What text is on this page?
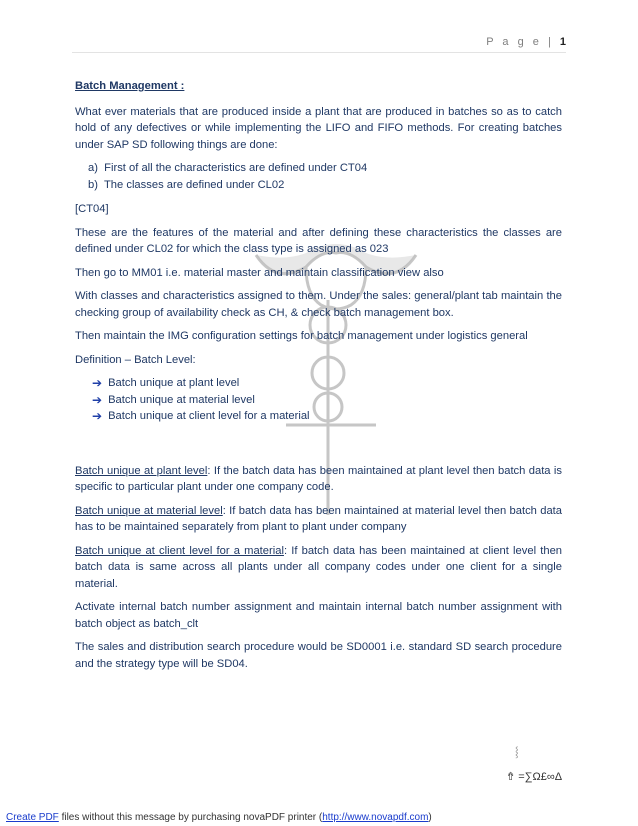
P a g e | 1
Batch Management :

What ever materials that are produced inside a plant that are produced in batches so as to catch hold of any defectives or while implementing the LIFO and FIFO methods. For creating batches under SAP SD following things are done:

a) First of all the characteristics are defined under CT04
b) The classes are defined under CL02

[CT04]

These are the features of the material and after defining these characteristics the classes are defined under CL02 for which the class type is assigned as 023

Then go to MM01 i.e. material master and maintain classification view also

With classes and characteristics assigned to them. Under the sales: general/plant tab maintain the checking group of availability check as CH, & check batch management box.

Then maintain the IMG configuration settings for batch management under logistics general

Definition – Batch Level:

➔ Batch unique at plant level
➔ Batch unique at material level
➔ Batch unique at client level for a material

Batch unique at plant level: If the batch data has been maintained at plant level then batch data is specific to particular plant under one company code.

Batch unique at material level: If batch data has been maintained at material level then batch data has to be maintained separately from plant to plant under company

Batch unique at client level for a material: If batch data has been maintained at client level then batch data is same across all plants under all company codes under one client for a single material.

Activate internal batch number assignment and maintain internal batch number assignment with batch object as batch_clt

The sales and distribution search procedure would be SD0001 i.e. standard SD search procedure and the strategy type will be SD04.

⸾
⇮ =∑Ω£∞Δ
Create PDF files without this message by purchasing novaPDF printer (http://www.novapdf.com)
